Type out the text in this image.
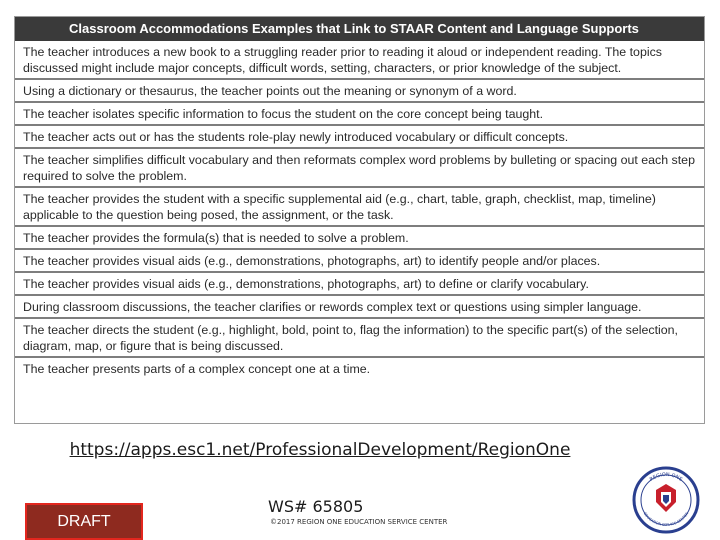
Classroom Accommodations Examples that Link to STAAR Content and Language Supports
The teacher introduces a new book to a struggling reader prior to reading it aloud or independent reading. The topics discussed might include major concepts, difficult words, setting, characters, or prior knowledge of the subject.
Using a dictionary or thesaurus, the teacher points out the meaning or synonym of a word.
The teacher isolates specific information to focus the student on the core concept being taught.
The teacher acts out or has the students role-play newly introduced vocabulary or difficult concepts.
The teacher simplifies difficult vocabulary and then reformats complex word problems by bulleting or spacing out each step required to solve the problem.
The teacher provides the student with a specific supplemental aid (e.g., chart, table, graph, checklist, map, timeline) applicable to the question being posed, the assignment, or the task.
The teacher provides the formula(s) that is needed to solve a problem.
The teacher provides visual aids (e.g., demonstrations, photographs, art) to identify people and/or places.
The teacher provides visual aids (e.g., demonstrations, photographs, art) to define or clarify vocabulary.
During classroom discussions, the teacher clarifies or rewords complex text or questions using simpler language.
The teacher directs the student (e.g., highlight, bold, point to, flag the information) to the specific part(s) of the selection, diagram, map, or figure that is being discussed.
The teacher presents parts of a complex concept one at a time.
https://apps.esc1.net/ProfessionalDevelopment/RegionOne
WS# 65805
©2017 REGION ONE EDUCATION SERVICE CENTER
DRAFT
REGION ONE
EDUCATION SERVICE CENTER
